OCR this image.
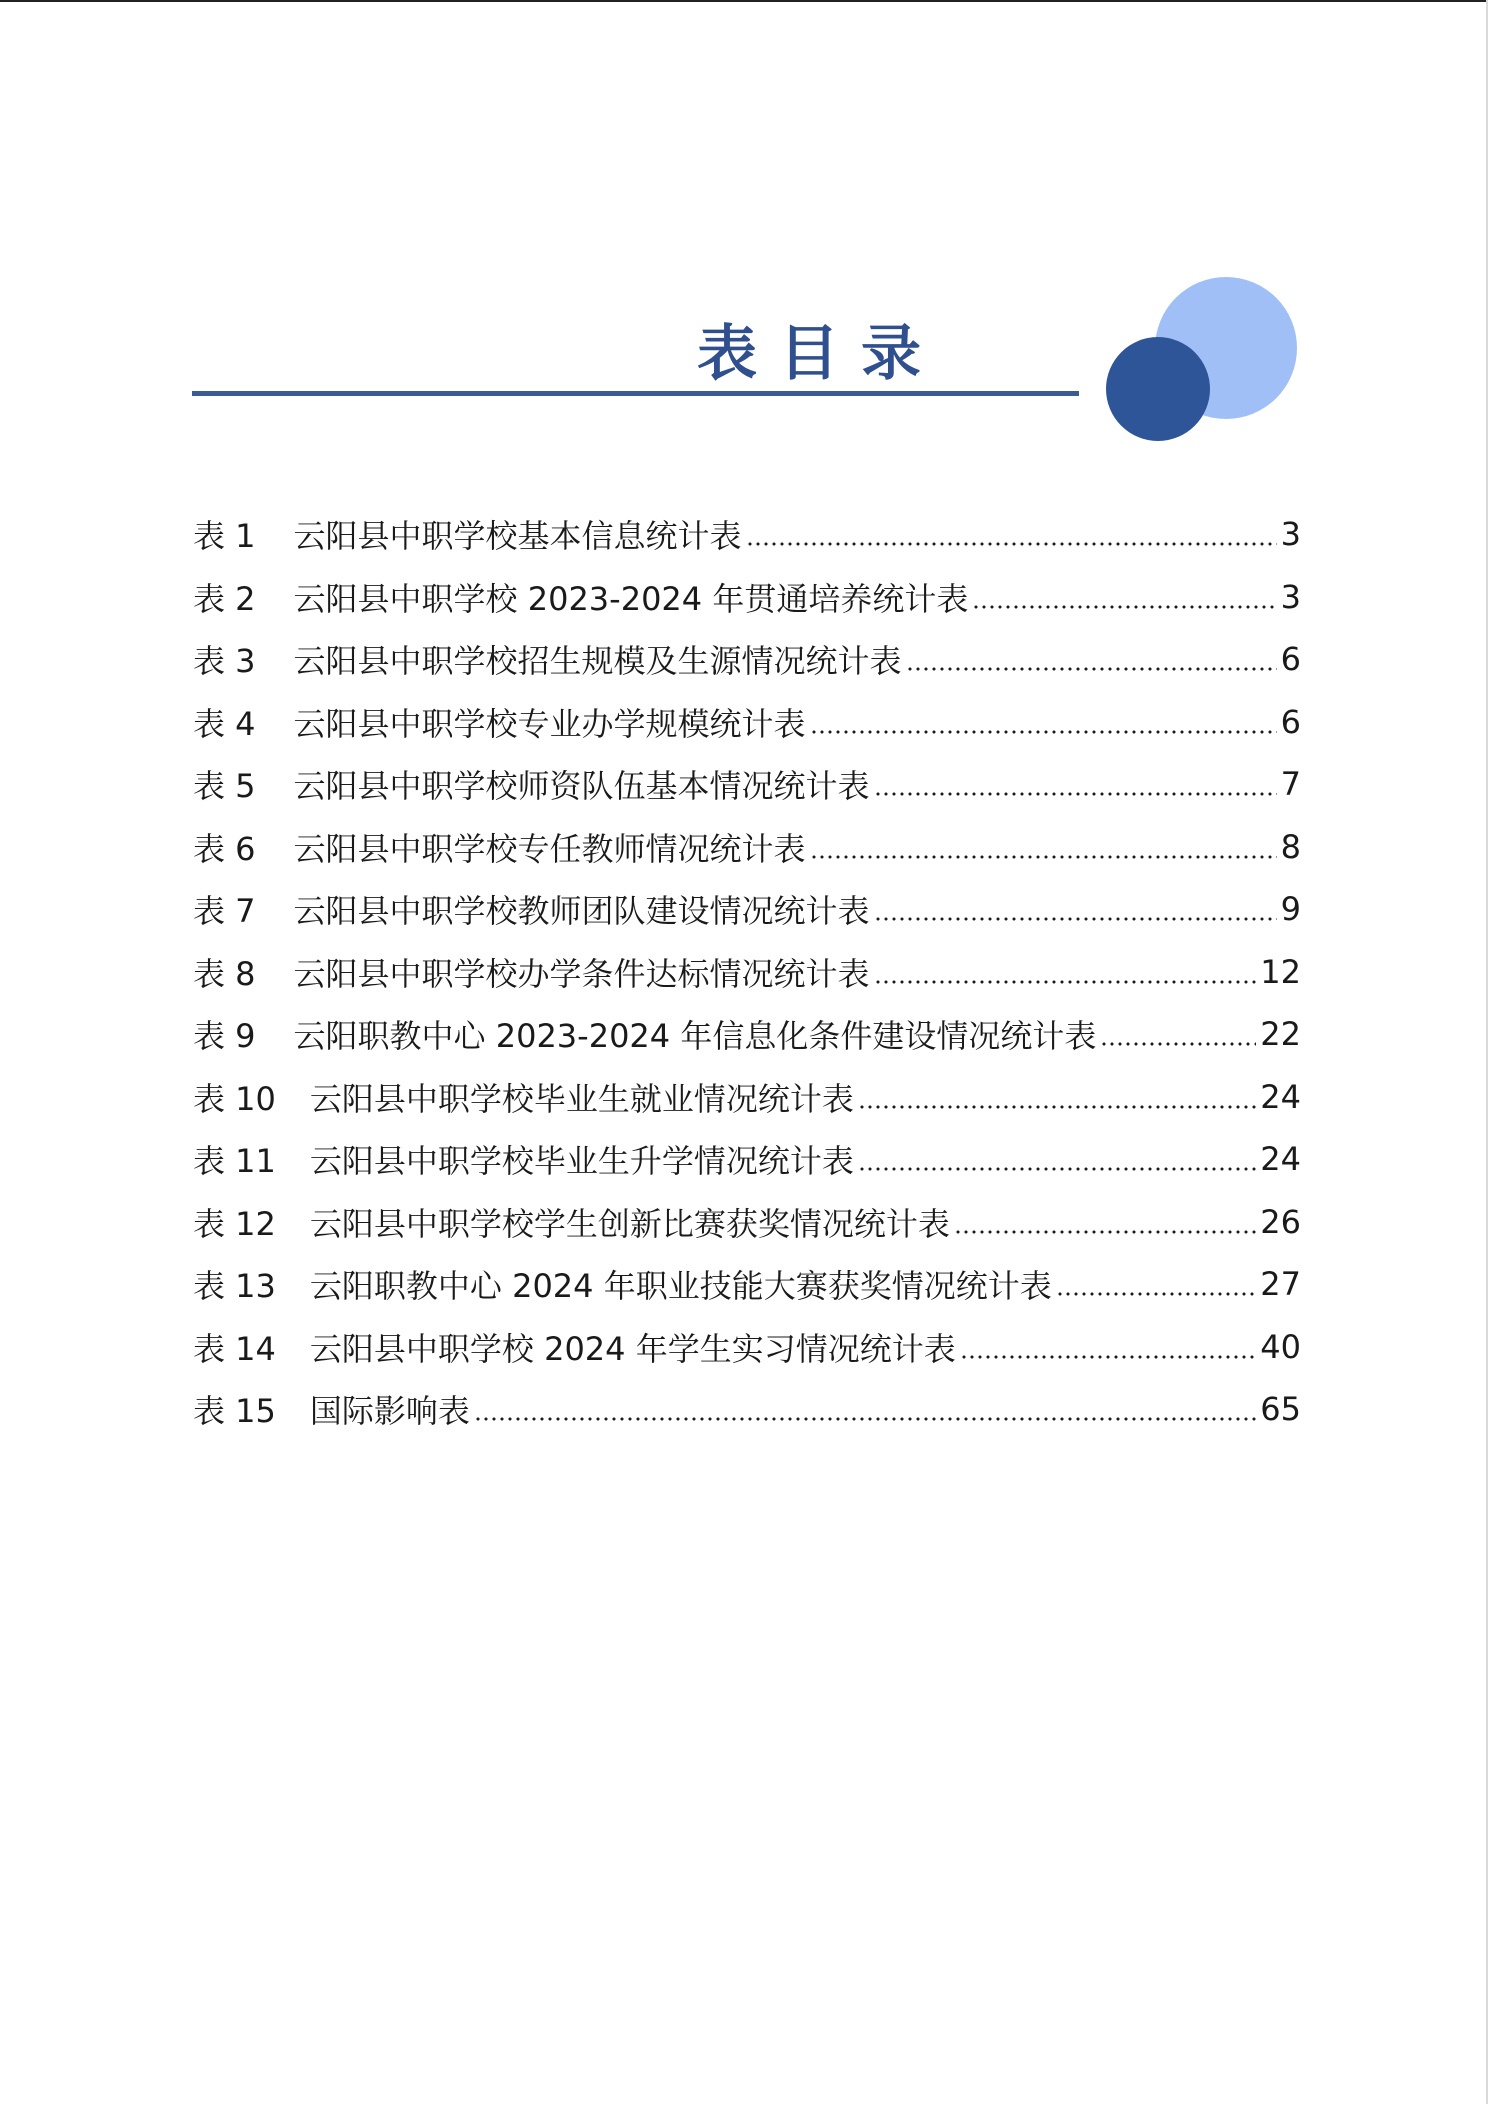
表目录
表 1 云阳县中职学校基本信息统计表	3
表 2 云阳县中职学校 2023-2024 年贯通培养统计表	3
表 3 云阳县中职学校招生规模及生源情况统计表	6
表 4 云阳县中职学校专业办学规模统计表	6
表 5 云阳县中职学校师资队伍基本情况统计表	7
表 6 云阳县中职学校专任教师情况统计表	8
表 7 云阳县中职学校教师团队建设情况统计表	9
表 8 云阳县中职学校办学条件达标情况统计表	12
表 9 云阳职教中心 2023-2024 年信息化条件建设情况统计表	22
表 10 云阳县中职学校毕业生就业情况统计表	24
表 11 云阳县中职学校毕业生升学情况统计表	24
表 12 云阳县中职学校学生创新比赛获奖情况统计表	26
表 13 云阳职教中心 2024 年职业技能大赛获奖情况统计表	27
表 14 云阳县中职学校 2024 年学生实习情况统计表	40
表 15 国际影响表	65
